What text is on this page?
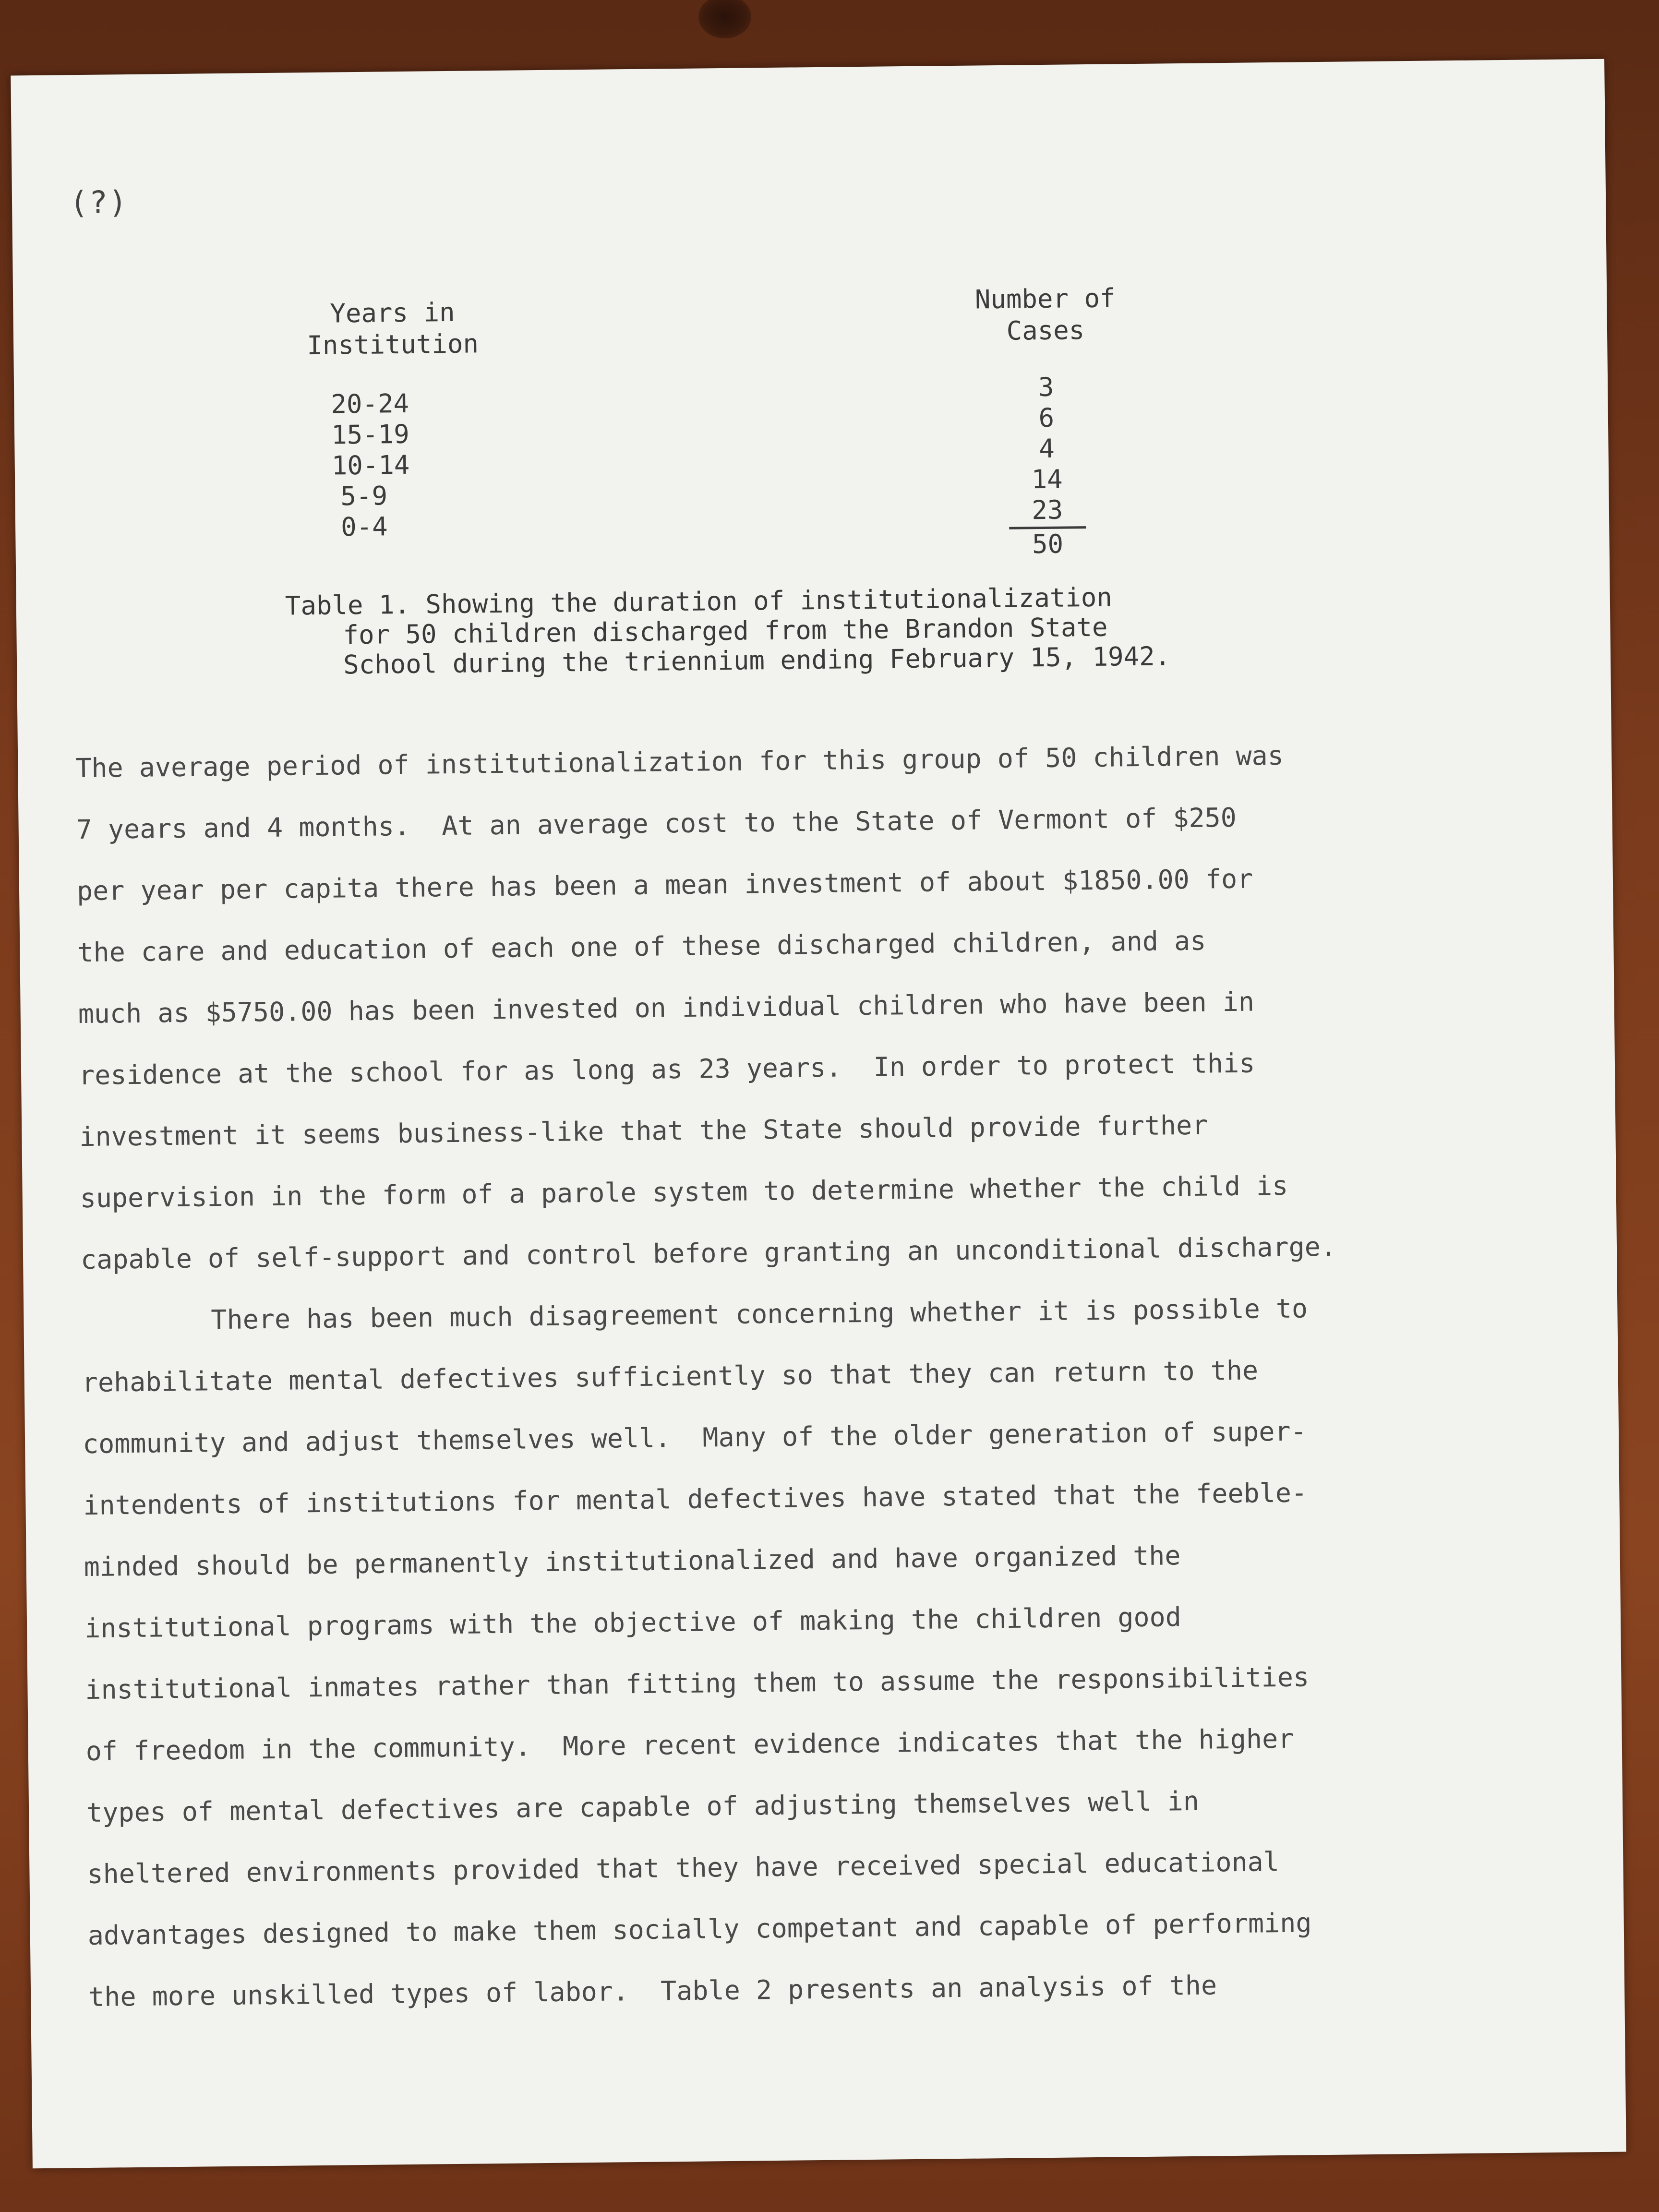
(?)
Years in
Institution
Number of
Cases
20-24
15-19
10-14
5-9
0-4
3
6
4
14
23
50
Table 1. Showing the duration of institutionalization
for 50 children discharged from the Brandon State
School during the triennium ending February 15, 1942.

The average period of institutionalization for this group of 50 children was

7 years and 4 months.  At an average cost to the State of Vermont of $250

per year per capita there has been a mean investment of about $1850.00 for

the care and education of each one of these discharged children, and as

much as $5750.00 has been invested on individual children who have been in

residence at the school for as long as 23 years.  In order to protect this

investment it seems business-like that the State should provide further

supervision in the form of a parole system to determine whether the child is

capable of self-support and control before granting an unconditional discharge.

There has been much disagreement concerning whether it is possible to

rehabilitate mental defectives sufficiently so that they can return to the

community and adjust themselves well.  Many of the older generation of super-

intendents of institutions for mental defectives have stated that the feeble-

minded should be permanently institutionalized and have organized the

institutional programs with the objective of making the children good

institutional inmates rather than fitting them to assume the responsibilities

of freedom in the community.  More recent evidence indicates that the higher

types of mental defectives are capable of adjusting themselves well in

sheltered environments provided that they have received special educational

advantages designed to make them socially competant and capable of performing

the more unskilled types of labor.  Table 2 presents an analysis of the
